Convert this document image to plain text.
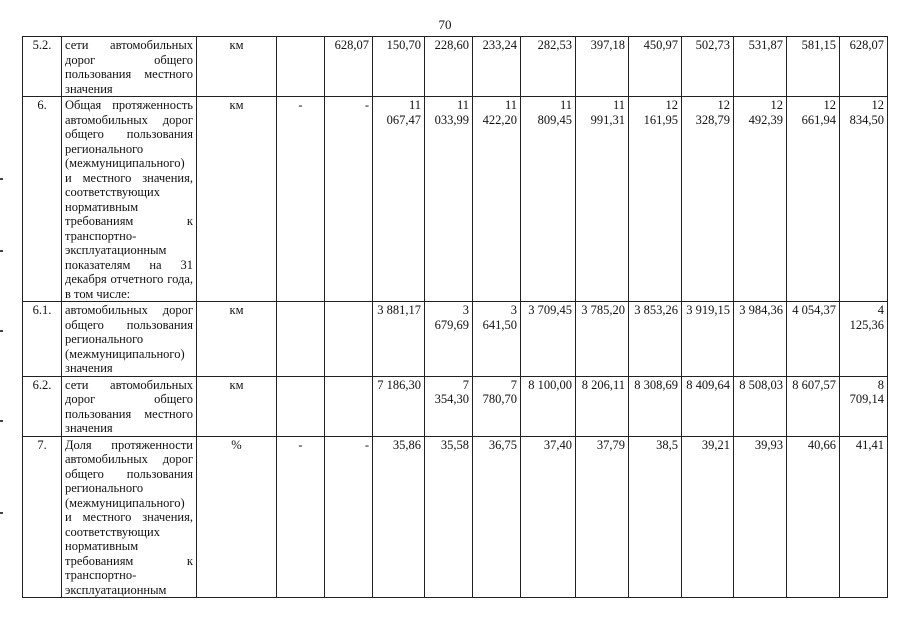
70
5.2.	сети автомобильных дорог общего пользования местного значения	км		628,07	150,70	228,60	233,24	282,53	397,18	450,97	502,73	531,87	581,15	628,07
6.	Общая протяженность автомобильных дорог общего пользования регионального (межмуниципального) и местного значения, соответствующих нормативным требованиям к транспортно-эксплуатационным показателям на 31 декабря отчетного года, в том числе:	км	-	-	11 067,47	11 033,99	11 422,20	11 809,45	11 991,31	12 161,95	12 328,79	12 492,39	12 661,94	12 834,50
6.1.	автомобильных дорог общего пользования регионального (межмуниципального) значения	км			3 881,17	3 679,69	3 641,50	3 709,45	3 785,20	3 853,26	3 919,15	3 984,36	4 054,37	4 125,36
6.2.	сети автомобильных дорог общего пользования местного значения	км			7 186,30	7 354,30	7 780,70	8 100,00	8 206,11	8 308,69	8 409,64	8 508,03	8 607,57	8 709,14
7.	Доля протяженности автомобильных дорог общего пользования регионального (межмуниципального) и местного значения, соответствующих нормативным требованиям к транспортно-эксплуатационным	%	-	-	35,86	35,58	36,75	37,40	37,79	38,5	39,21	39,93	40,66	41,41
